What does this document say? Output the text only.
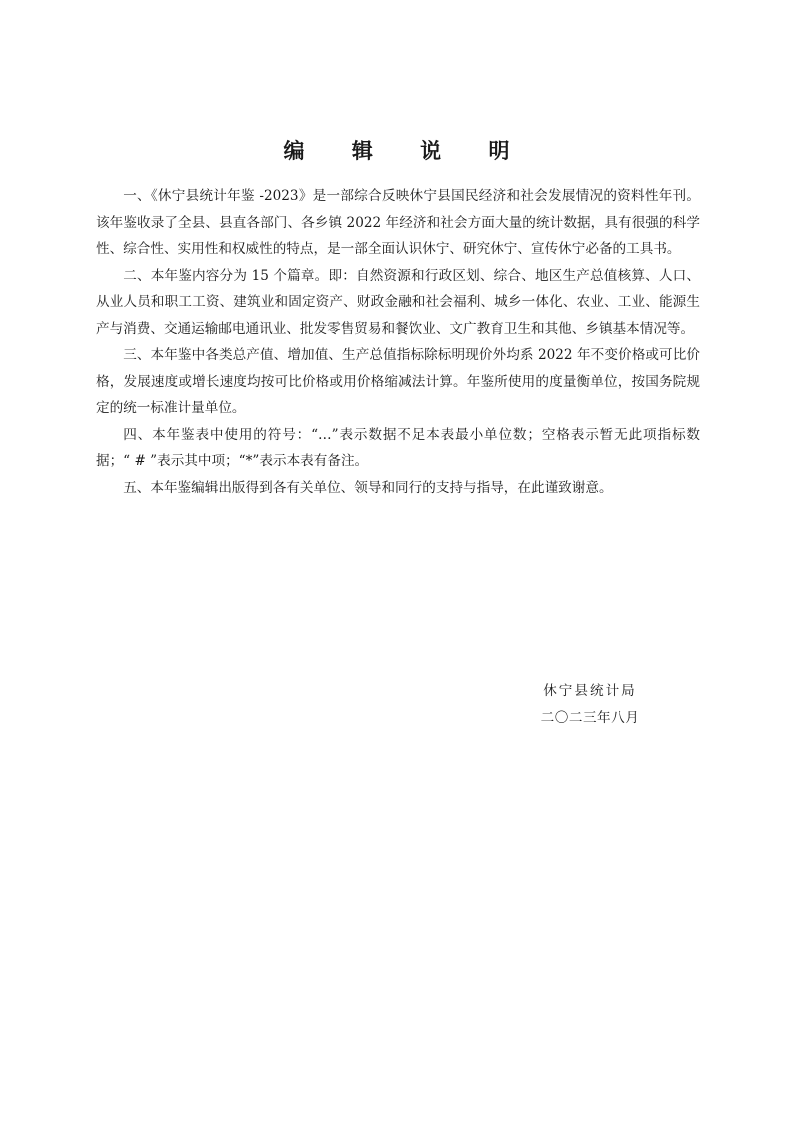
编 辑 说 明

一、《休宁县统计年鉴 -2023》是一部综合反映休宁县国民经济和社会发展情况的资料性年刊。该年鉴收录了全县、县直各部门、各乡镇 2022 年经济和社会方面大量的统计数据，具有很强的科学性、综合性、实用性和权威性的特点，是一部全面认识休宁、研究休宁、宣传休宁必备的工具书。

二、本年鉴内容分为 15 个篇章。即：自然资源和行政区划、综合、地区生产总值核算、人口、从业人员和职工工资、建筑业和固定资产、财政金融和社会福利、城乡一体化、农业、工业、能源生产与消费、交通运输邮电通讯业、批发零售贸易和餐饮业、文广教育卫生和其他、乡镇基本情况等。

三、本年鉴中各类总产值、增加值、生产总值指标除标明现价外均系 2022 年不变价格或可比价格，发展速度或增长速度均按可比价格或用价格缩减法计算。年鉴所使用的度量衡单位，按国务院规定的统一标准计量单位。

四、本年鉴表中使用的符号：“…”表示数据不足本表最小单位数；空格表示暂无此项指标数据；“ # ”表示其中项；“*”表示本表有备注。

五、本年鉴编辑出版得到各有关单位、领导和同行的支持与指导，在此谨致谢意。

休宁县统计局
二〇二三年八月
